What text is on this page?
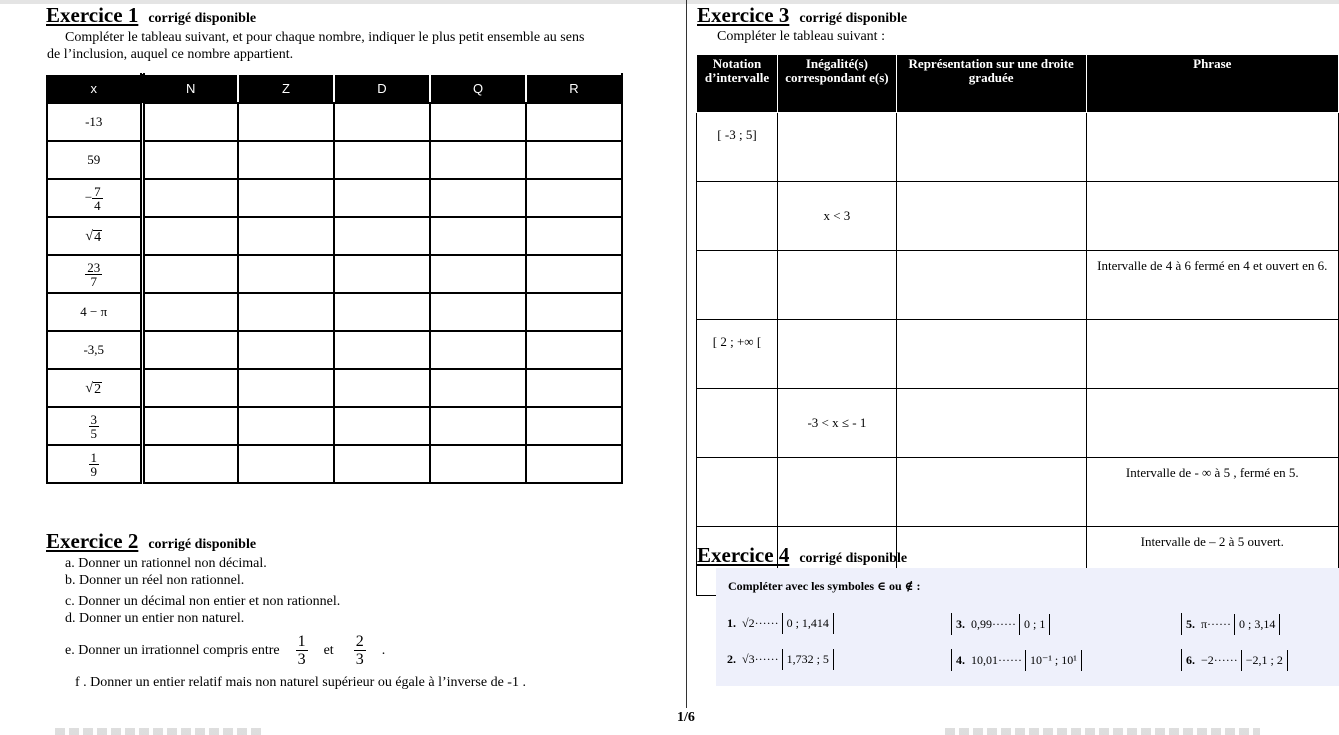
Exercice 1 corrigé disponible
Compléter le tableau suivant, et pour chaque nombre, indiquer le plus petit ensemble au sens
de l’inclusion, auquel ce nombre appartient.
x	N	Z	D	Q	R
-13					
59					
− $\frac{7}{4}$

√ 4					

$\frac{23}{7}$

4 − π					
-3,5					

√ 2					

$\frac{3}{5}$

$\frac{1}{9}$

Exercice 2 corrigé disponible
a. Donner un rationnel non décimal.
b. Donner un réel non rationnel.
c. Donner un décimal non entier et non rationnel.
d. Donner un entier non naturel.
e. Donner un irrationnel compris entre $\frac{1}{3}$ et $\frac{2}{3}$ .
f . Donner un entier relatif mais non naturel supérieur ou égale à l’inverse de -1 .
Exercice 3 corrigé disponible
Compléter le tableau suivant :
Notation d’intervalle	Inégalité(s) correspondant e(s)	Représentation sur une droite graduée	Phrase
[ -3 ; 5]			
	x < 3		
			Intervalle de 4 à 6 fermé en 4 et ouvert en 6.
[ 2 ; +∞ [			
	-3 < x ≤ - 1		
			Intervalle de - ∞ à 5 , fermé en 5.
			Intervalle de – 2 à 5 ouvert.
Exercice 4 corrigé disponible
Compléter avec les symboles ∈ ou ∉ :
1. √2······ 0 ; 1,414
2. √3······ 1,732 ; 5
3. 0,99······ 0 ; 1
4. 10,01······ 10⁻¹ ; 10¹
5. π······ 0 ; 3,14
6. −2······ −2,1 ; 2
1/6
